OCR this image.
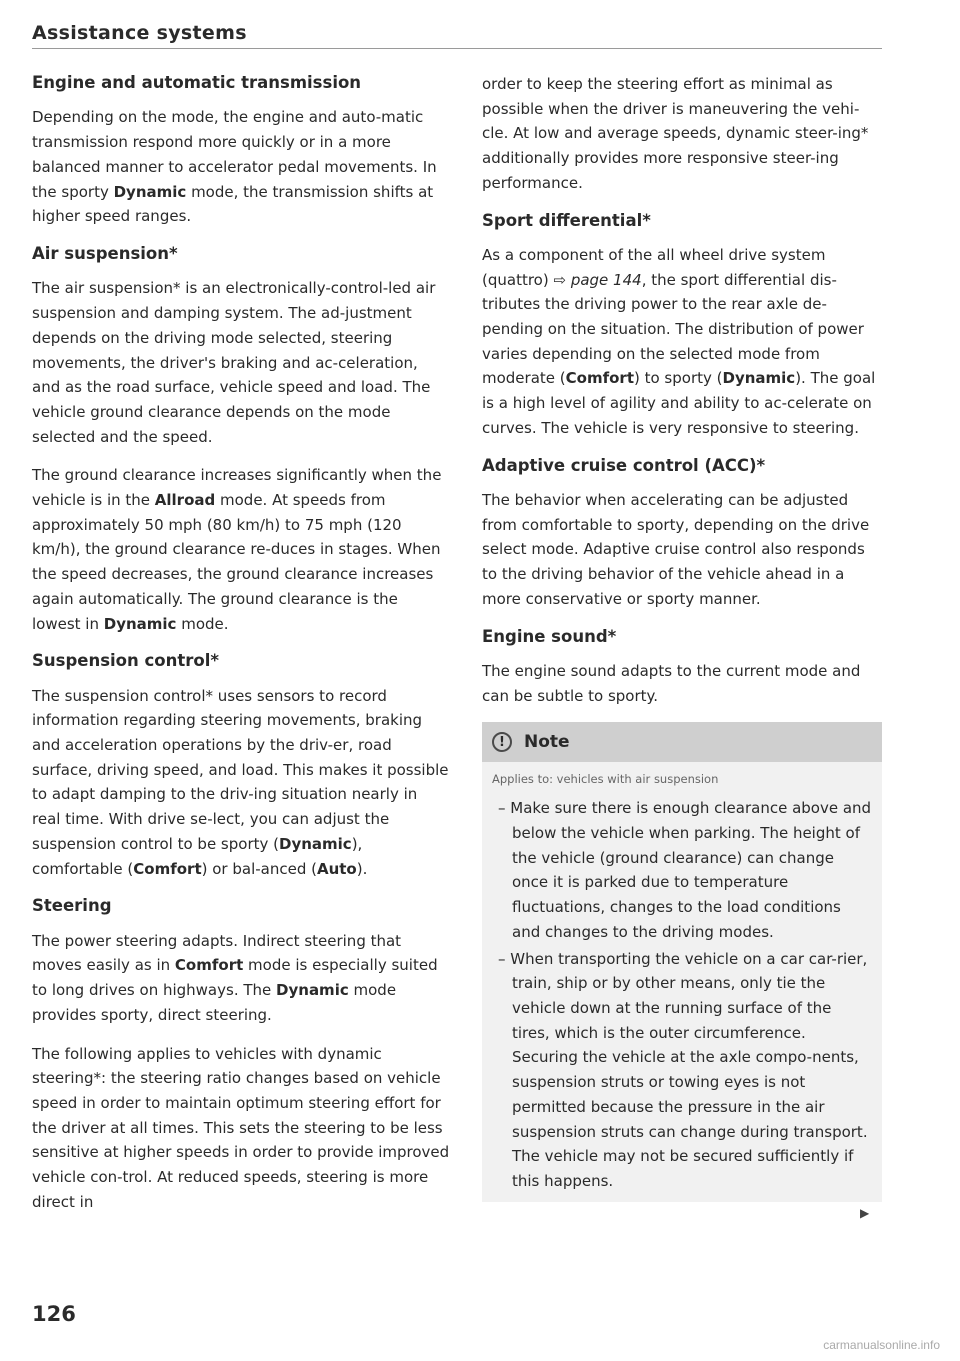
Assistance systems
Engine and automatic transmission

Depending on the mode, the engine and auto-matic transmission respond more quickly or in a more balanced manner to accelerator pedal movements. In the sporty Dynamic mode, the transmission shifts at higher speed ranges.

Air suspension*

The air suspension* is an electronically-control-led air suspension and damping system. The ad-justment depends on the driving mode selected, steering movements, the driver's braking and ac-celeration, and as the road surface, vehicle speed and load. The vehicle ground clearance depends on the mode selected and the speed.

The ground clearance increases significantly when the vehicle is in the Allroad mode. At speeds from approximately 50 mph (80 km/h) to 75 mph (120 km/h), the ground clearance re-duces in stages. When the speed decreases, the ground clearance increases again automatically. The ground clearance is the lowest in Dynamic mode.

Suspension control*

The suspension control* uses sensors to record information regarding steering movements, braking and acceleration operations by the driv-er, road surface, driving speed, and load. This makes it possible to adapt damping to the driv-ing situation nearly in real time. With drive se-lect, you can adjust the suspension control to be sporty (Dynamic), comfortable (Comfort) or bal-anced (Auto).

Steering

The power steering adapts. Indirect steering that moves easily as in Comfort mode is especially suited to long drives on highways. The Dynamic mode provides sporty, direct steering.

The following applies to vehicles with dynamic steering*: the steering ratio changes based on vehicle speed in order to maintain optimum steering effort for the driver at all times. This sets the steering to be less sensitive at higher speeds in order to provide improved vehicle con-trol. At reduced speeds, steering is more direct in

order to keep the steering effort as minimal as possible when the driver is maneuvering the vehi-cle. At low and average speeds, dynamic steer-ing* additionally provides more responsive steer-ing performance.

Sport differential*

As a component of the all wheel drive system (quattro) ⇨ page 144, the sport differential dis-tributes the driving power to the rear axle de-pending on the situation. The distribution of power varies depending on the selected mode from moderate (Comfort) to sporty (Dynamic). The goal is a high level of agility and ability to ac-celerate on curves. The vehicle is very responsive to steering.

Adaptive cruise control (ACC)*

The behavior when accelerating can be adjusted from comfortable to sporty, depending on the drive select mode. Adaptive cruise control also responds to the driving behavior of the vehicle ahead in a more conservative or sporty manner.

Engine sound*

The engine sound adapts to the current mode and can be subtle to sporty.

!	Note
Applies to: vehicles with air suspension
– Make sure there is enough clearance above and below the vehicle when parking. The height of the vehicle (ground clearance) can change once it is parked due to temperature fluctuations, changes to the load conditions and changes to the driving modes.
– When transporting the vehicle on a car car-rier, train, ship or by other means, only tie the vehicle down at the running surface of the tires, which is the outer circumference. Securing the vehicle at the axle compo-nents, suspension struts or towing eyes is not permitted because the pressure in the air suspension struts can change during transport. The vehicle may not be secured sufficiently if this happens.
▶
126
carmanualsonline.info
